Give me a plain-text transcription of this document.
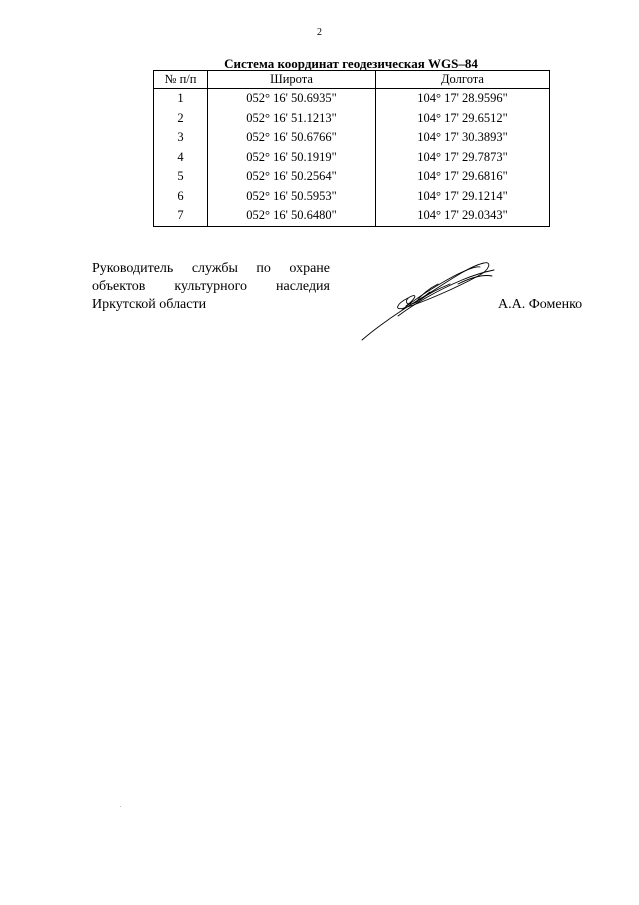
2
Система координат геодезическая WGS–84
№ п/п	Широта	Долгота
1	052° 16' 50.6935"	104° 17' 28.9596"
2	052° 16' 51.1213"	104° 17' 29.6512"
3	052° 16' 50.6766"	104° 17' 30.3893"
4	052° 16' 50.1919"	104° 17' 29.7873"
5	052° 16' 50.2564"	104° 17' 29.6816"
6	052° 16' 50.5953"	104° 17' 29.1214"
7	052° 16' 50.6480"	104° 17' 29.0343"
Руководитель службы по охране
объектов культурного наследия
Иркутской области	А.А. Фоменко
